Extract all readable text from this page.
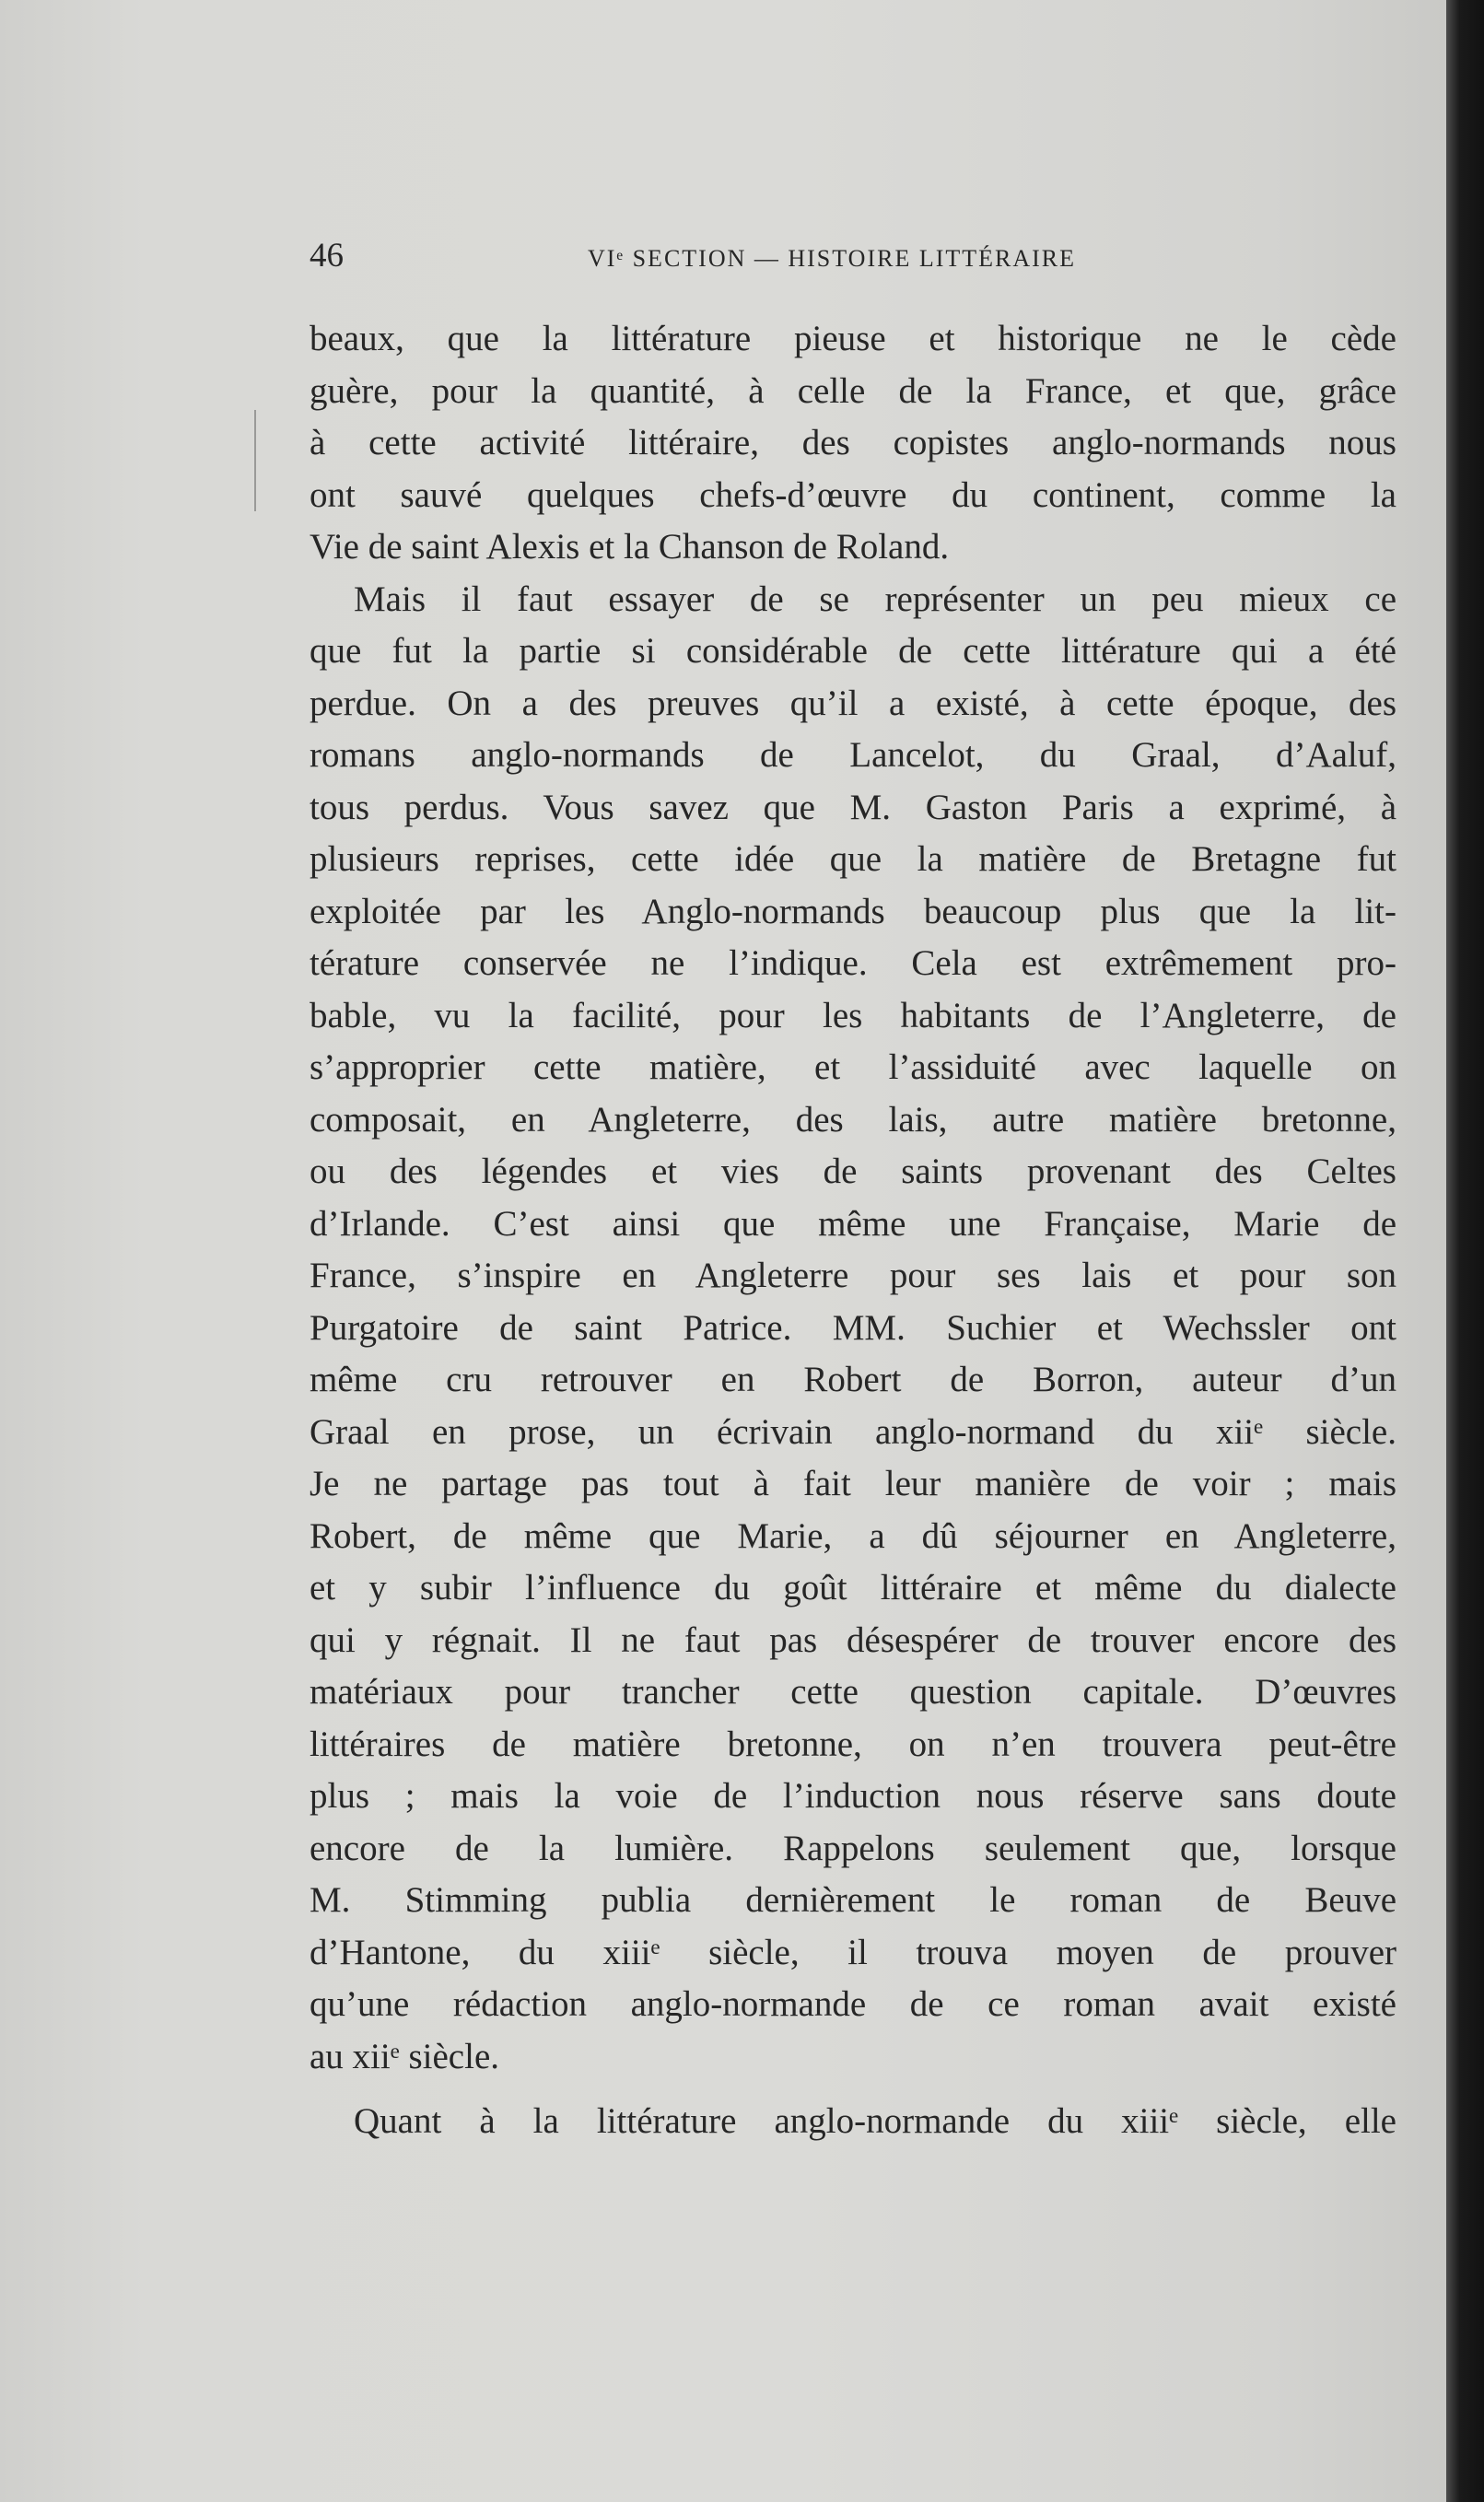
46	VIᵉ SECTION — HISTOIRE LITTÉRAIRE
beaux, que la littérature pieuse et historique ne le cède
guère, pour la quantité, à celle de la France, et que, grâce
à cette activité littéraire, des copistes anglo-normands nous
ont sauvé quelques chefs-d’œuvre du continent, comme la
Vie de saint Alexis et la Chanson de Roland.
Mais il faut essayer de se représenter un peu mieux ce
que fut la partie si considérable de cette littérature qui a été
perdue. On a des preuves qu’il a existé, à cette époque, des
romans anglo-normands de Lancelot, du Graal, d’Aaluf,
tous perdus. Vous savez que M. Gaston Paris a exprimé, à
plusieurs reprises, cette idée que la matière de Bretagne fut
exploitée par les Anglo-normands beaucoup plus que la lit-
térature conservée ne l’indique. Cela est extrêmement pro-
bable, vu la facilité, pour les habitants de l’Angleterre, de
s’approprier cette matière, et l’assiduité avec laquelle on
composait, en Angleterre, des lais, autre matière bretonne,
ou des légendes et vies de saints provenant des Celtes
d’Irlande. C’est ainsi que même une Française, Marie de
France, s’inspire en Angleterre pour ses lais et pour son
Purgatoire de saint Patrice. MM. Suchier et Wechssler ont
même cru retrouver en Robert de Borron, auteur d’un
Graal en prose, un écrivain anglo-normand du xiiᵉ siècle.
Je ne partage pas tout à fait leur manière de voir ; mais
Robert, de même que Marie, a dû séjourner en Angleterre,
et y subir l’influence du goût littéraire et même du dialecte
qui y régnait. Il ne faut pas désespérer de trouver encore des
matériaux pour trancher cette question capitale. D’œuvres
littéraires de matière bretonne, on n’en trouvera peut-être
plus ; mais la voie de l’induction nous réserve sans doute
encore de la lumière. Rappelons seulement que, lorsque
M. Stimming publia dernièrement le roman de Beuve
d’Hantone, du xiiiᵉ siècle, il trouva moyen de prouver
qu’une rédaction anglo-normande de ce roman avait existé
au xiiᵉ siècle.
Quant à la littérature anglo-normande du xiiiᵉ siècle, elle
